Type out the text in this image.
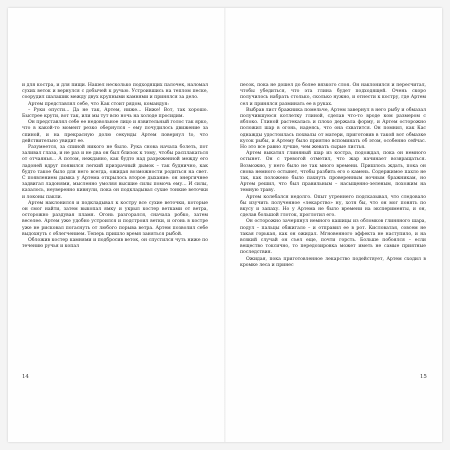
и для костра, и для пищи. Нашел несколько подходящих палочек, наломал сухих веток и вернулся с добычей к ручью. Устроившись на теплом песке, соорудил шалашик между двух крупными камнями и принялся за дело.

Артем представлял себе, что Как стоит рядом, командуя:

– Руки опусти... Да не так, Артем, ниже... Ниже! Вот, так хорошо. Быстрее крути, вот так, или мы тут всю ночь на холоде просидим.

Он представлял себе ее недовольное лицо и язвительный голос так ярко, что в какой-то момент резко обернулся – ему почудилось движение за спиной, и на прекрасную долю секунды Артем повернул to, что действительно увидит ее.

Разумеется, за спиной никого не было. Рука снова начала болеть, пот заливал глаза, и не раз и не два он был близок к тому, чтобы расплакаться от отчаянья... А потом, нежданно, как будто над разреженной между его ладоней вдруг появился легкий призрачный дымок – так буднично, как будто такое было для него всегда, ожидая возможности родиться на свет. С появлением дымка у Артема открылось второе дыхание: он энергичнее задвигал ладонями, мысленно умоляя высшие силы помочь ему... И силы, казалось, неуверенно кивнули, пока он подкладывал сухие тонкие веточки и локоны пакли.

Артем наклонился и подкладывал к костру все сухие веточки, которые он смог найти, затем выкопал ямку и укрыл костер ветками от ветра, осторожно раздувая пламя. Огонь разгорался, сначала робко, затем веселее. Артем уже удобно устроился и подстроил ветки, и огонь в костре уже не рисковал погаснуть от любого порыва ветра. Артем позволил себе выдохнуть с облегчением. Теперь пришло время заняться рыбой.

Обложив костер камнями и подбросив веток, он спустился чуть ниже по течению ручья и копал

песок, пока не дошел до более вязкого слоя. Он наклонился и пересчитал, чтобы убедиться, что эта глина будет подходящей. Очень скоро получилось набрать столько, сколько нужно, и отнести к костру, где Артем сел и принялся разминать ее в руках.

Выбрав лист бражника помельче, Артем завернул в него рыбу и обмазал получившуюся котлетку глиной, сделав что-то вроде ком размером с яблоко. Глиной растекалась и плохо держала форму, и Артем осторожно положил шар в огонь, надеясь, что она схватится. Он помнил, как Кас однажды удостоилась похвалы от матери, приготовив в такой вот обмазке кусок рыбы, и Артему было приятно вспоминать об этом, особенно сейчас. Но это все равно лучше, чем жевать сырые листья.

Артем выкатил глиняный шар из костра, подождал, пока он немного остынет. Он с тревогой отметил, что жар начинает возвращаться. Возможно, у него было не так много времени. Пришлось ждать, пока он снова немного остынет, чтобы разбить его о камень. Содержимое пахло не так, как положено было пахнуть проверенным ночным бражникам, но Артем решил, что был правильным – насыщенно-зеленым, похожим на темную траву.

Артем колебался недолго. Опыт утреннего подсказывал, что следовало бы изучить полученное «лекарство» ну, хотя бы, что он мог понять по вкусу и запаху. Но у Артема не было времени на эксперименты, и он, сделав большой глоток, проглотил его.

Он осторожно зачерпнул немного кашицы из обломков глиняного шара, подул – пальцы обжигало – и отправил ее в рот. Кисловатая, совсем не такая горькая, как он ожидал. Мгновенного эффекта не наступило, и на всякий случай он съел еще, почти горсть. Больше побоялся – если вещество токсично, то передозировка может иметь не самые приятные последствия.

Ожидая, пока приготовленное лекарство подействует, Артем сходил в кромке леса и принес

14	15
